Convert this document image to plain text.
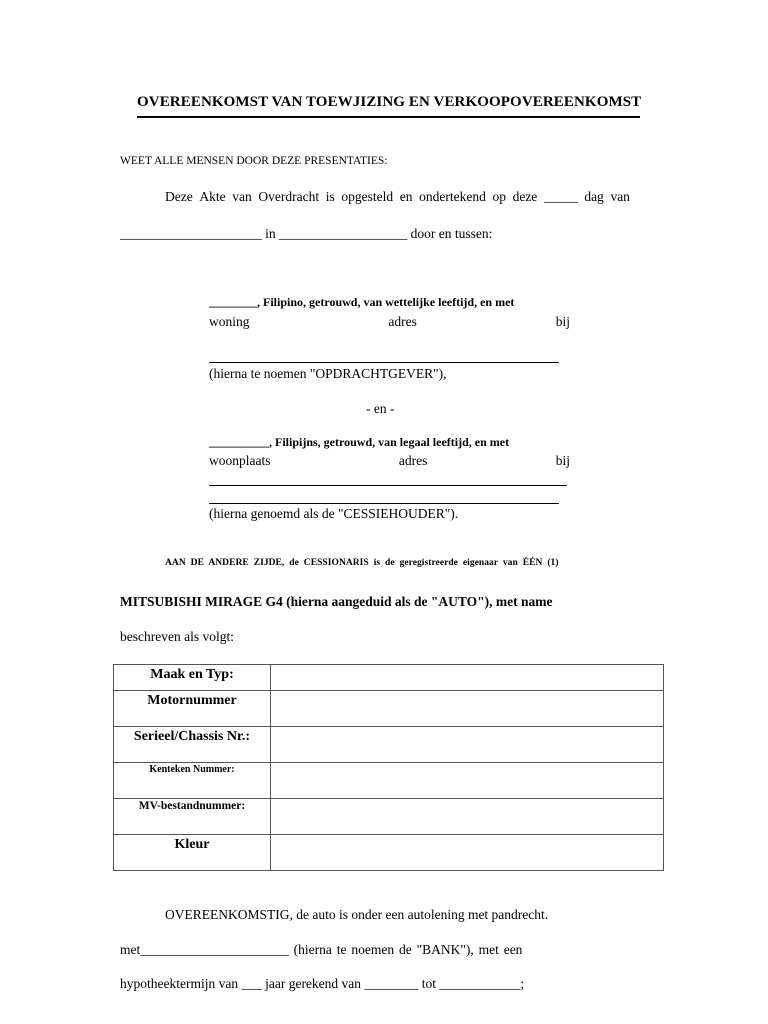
OVEREENKOMST VAN TOEWJIZING EN VERKOOPOVEREENKOMST
WEET ALLE MENSEN DOOR DEZE PRESENTATIES:
Deze Akte van Overdracht is opgesteld en ondertekend op deze _____ dag van
_____________________ in ___________________ door en tussen:
________, Filipino, getrouwd, van wettelijke leeftijd, en met
woning	adres	bij
(hierna te noemen "OPDRACHTGEVER"),
- en -
__________, Filipijns, getrouwd, van legaal leeftijd, en met
woonplaats	adres	bij
(hierna genoemd als de "CESSIEHOUDER").
AAN DE ANDERE ZIJDE, de CESSIONARIS is de geregistreerde eigenaar van ÉÉN (1)
MITSUBISHI MIRAGE G4 (hierna aangeduid als de "AUTO"), met name
beschreven als volgt:
Maak en Typ:	

Motornummer	

Serieel/Chassis Nr.:	

Kenteken Nummer:	

MV-bestandnummer:	

Kleur	

OVEREENKOMSTIG, de auto is onder een autolening met pandrecht.
met______________________ (hierna te noemen de "BANK"), met een
hypotheektermijn van ___ jaar gerekend van ________ tot ____________;
